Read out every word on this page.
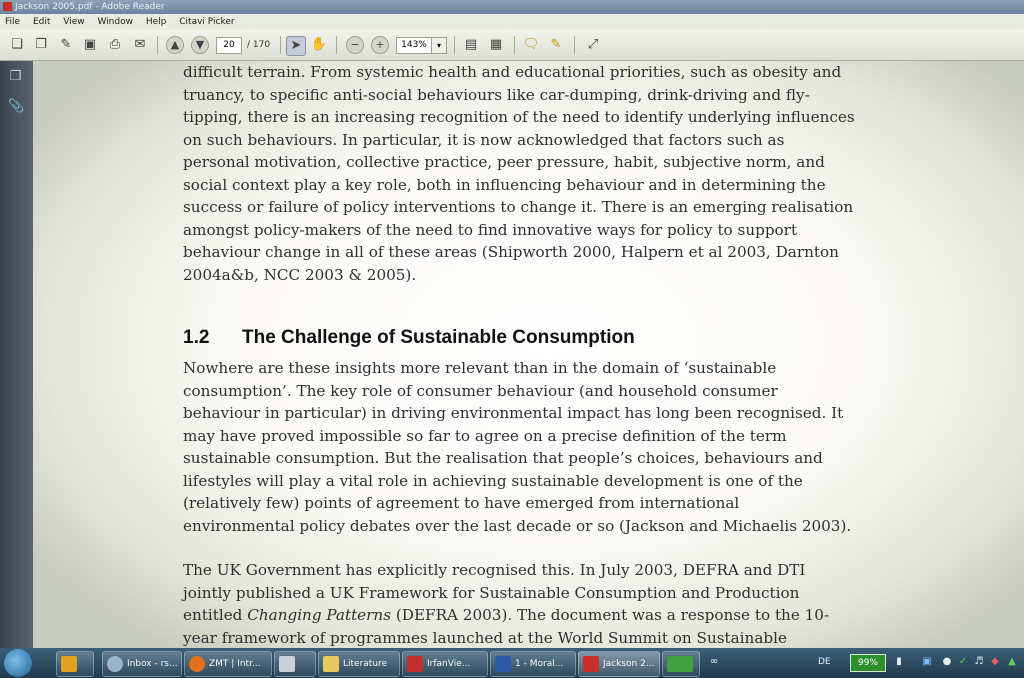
Jackson 2005.pdf - Adobe Reader
File Edit View Window Help Citavi Picker
❏ ❐ ✎ ▣ ⎙ ✉	▲	▼	20	/ 170	➤ ✋	−	+	143%	▾	▤ ▦ 🗨 ✎ ⤢
❐
📎
difficult terrain. From systemic health and educational priorities, such as obesity and
truancy, to specific anti-social behaviours like car-dumping, drink-driving and fly-
tipping, there is an increasing recognition of the need to identify underlying influences
on such behaviours. In particular, it is now acknowledged that factors such as
personal motivation, collective practice, peer pressure, habit, subjective norm, and
social context play a key role, both in influencing behaviour and in determining the
success or failure of policy interventions to change it. There is an emerging realisation
amongst policy-makers of the need to find innovative ways for policy to support
behaviour change in all of these areas (Shipworth 2000, Halpern et al 2003, Darnton
2004a&b, NCC 2003 & 2005).
Nowhere are these insights more relevant than in the domain of ‘sustainable
consumption’. The key role of consumer behaviour (and household consumer
behaviour in particular) in driving environmental impact has long been recognised. It
may have proved impossible so far to agree on a precise definition of the term
sustainable consumption. But the realisation that people’s choices, behaviours and
lifestyles will play a vital role in achieving sustainable development is one of the
(relatively few) points of agreement to have emerged from international
environmental policy debates over the last decade or so (Jackson and Michaelis 2003).
The UK Government has explicitly recognised this. In July 2003, DEFRA and DTI
jointly published a UK Framework for Sustainable Consumption and Production
entitled Changing Patterns (DEFRA 2003). The document was a response to the 10-
year framework of programmes launched at the World Summit on Sustainable
1.2 The Challenge of Sustainable Consumption
Inbox - rs...	ZMT | Intr...	Literature	IrfanVie...	1 - Moral...	Jackson 2...	∞	DE	99%	▮	▣ ● ✓ ♬ ◆ ▲
